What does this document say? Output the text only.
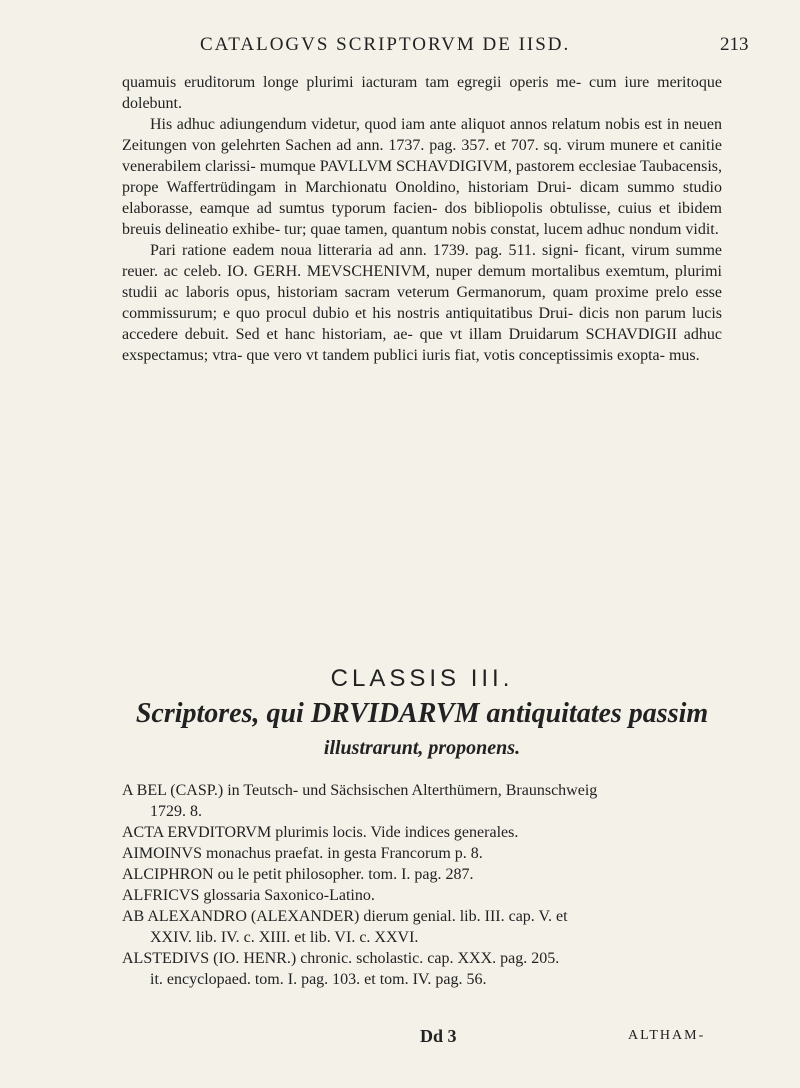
CATALOGVS SCRIPTORVM DE IISD.	213

quamuis eruditorum longe plurimi iacturam tam egregii operis me- cum iure meritoque dolebunt.

His adhuc adiungendum videtur, quod iam ante aliquot annos relatum nobis est in neuen Zeitungen von gelehrten Sachen ad ann. 1737. pag. 357. et 707. sq. virum munere et canitie venerabilem clarissi- mumque PAVLLVM SCHAVDIGIVM, pastorem ecclesiae Taubacensis, prope Waffertrüdingam in Marchionatu Onoldino, historiam Drui- dicam summo studio elaborasse, eamque ad sumtus typorum facien- dos bibliopolis obtulisse, cuius et ibidem breuis delineatio exhibe- tur; quae tamen, quantum nobis constat, lucem adhuc nondum vidit.

Pari ratione eadem noua litteraria ad ann. 1739. pag. 511. signi- ficant, virum summe reuer. ac celeb. IO. GERH. MEVSCHENIVM, nuper demum mortalibus exemtum, plurimi studii ac laboris opus, historiam sacram veterum Germanorum, quam proxime prelo esse commissurum; e quo procul dubio et his nostris antiquitatibus Drui- dicis non parum lucis accedere debuit. Sed et hanc historiam, ae- que vt illam Druidarum SCHAVDIGII adhuc exspectamus; vtra- que vero vt tandem publici iuris fiat, votis conceptissimis exopta- mus.

CLASSIS III.
Scriptores, qui DRVIDARVM antiquitates passim
illustrarunt, proponens.
A BEL (CASP.) in Teutsch- und Sächsischen Alterthümern, Braunschweig
1729. 8.
ACTA ERVDITORVM plurimis locis. Vide indices generales.
AIMOINVS monachus praefat. in gesta Francorum p. 8.
ALCIPHRON ou le petit philosopher. tom. I. pag. 287.
ALFRICVS glossaria Saxonico-Latino.
AB ALEXANDRO (ALEXANDER) dierum genial. lib. III. cap. V. et
XXIV. lib. IV. c. XIII. et lib. VI. c. XXVI.
ALSTEDIVS (IO. HENR.) chronic. scholastic. cap. XXX. pag. 205.
it. encyclopaed. tom. I. pag. 103. et tom. IV. pag. 56.
Dd 3	ALTHAM-
